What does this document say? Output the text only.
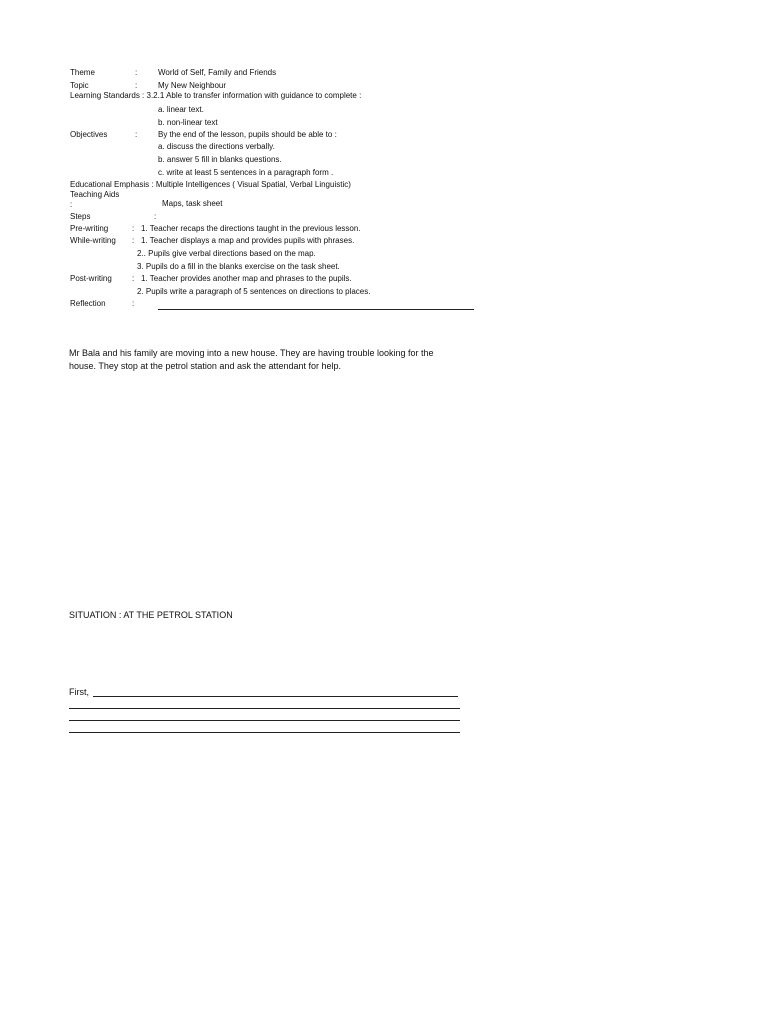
Theme	:	World of Self, Family and Friends
Topic	:	My New Neighbour
Learning Standards : 3.2.1 Able to transfer information with guidance to complete :
a. linear text.
b. non-linear text
Objectives	:	By the end of the lesson, pupils should be able to :
a. discuss the directions verbally.
b. answer 5 fill in blanks questions.
c. write at least 5 sentences in a paragraph form .
Educational Emphasis : Multiple Intelligences ( Visual Spatial, Verbal Linguistic)
Teaching Aids
:	Maps, task sheet
Steps	:
Pre-writing	: 1. Teacher recaps the directions taught in the previous lesson.
While-writing : 1. Teacher displays a map and provides pupils with phrases.
2.. Pupils give verbal directions based on the map.
3. Pupils do a fill in the blanks exercise on the task sheet.
Post-writing	: 1. Teacher provides another map and phrases to the pupils.
2. Pupils write a paragraph of 5 sentences on directions to places.
Reflection	:
Mr Bala and his family are moving into a new house. They are having trouble looking for the
house. They stop at the petrol station and ask the attendant for help.
SITUATION : AT THE PETROL STATION
First,
